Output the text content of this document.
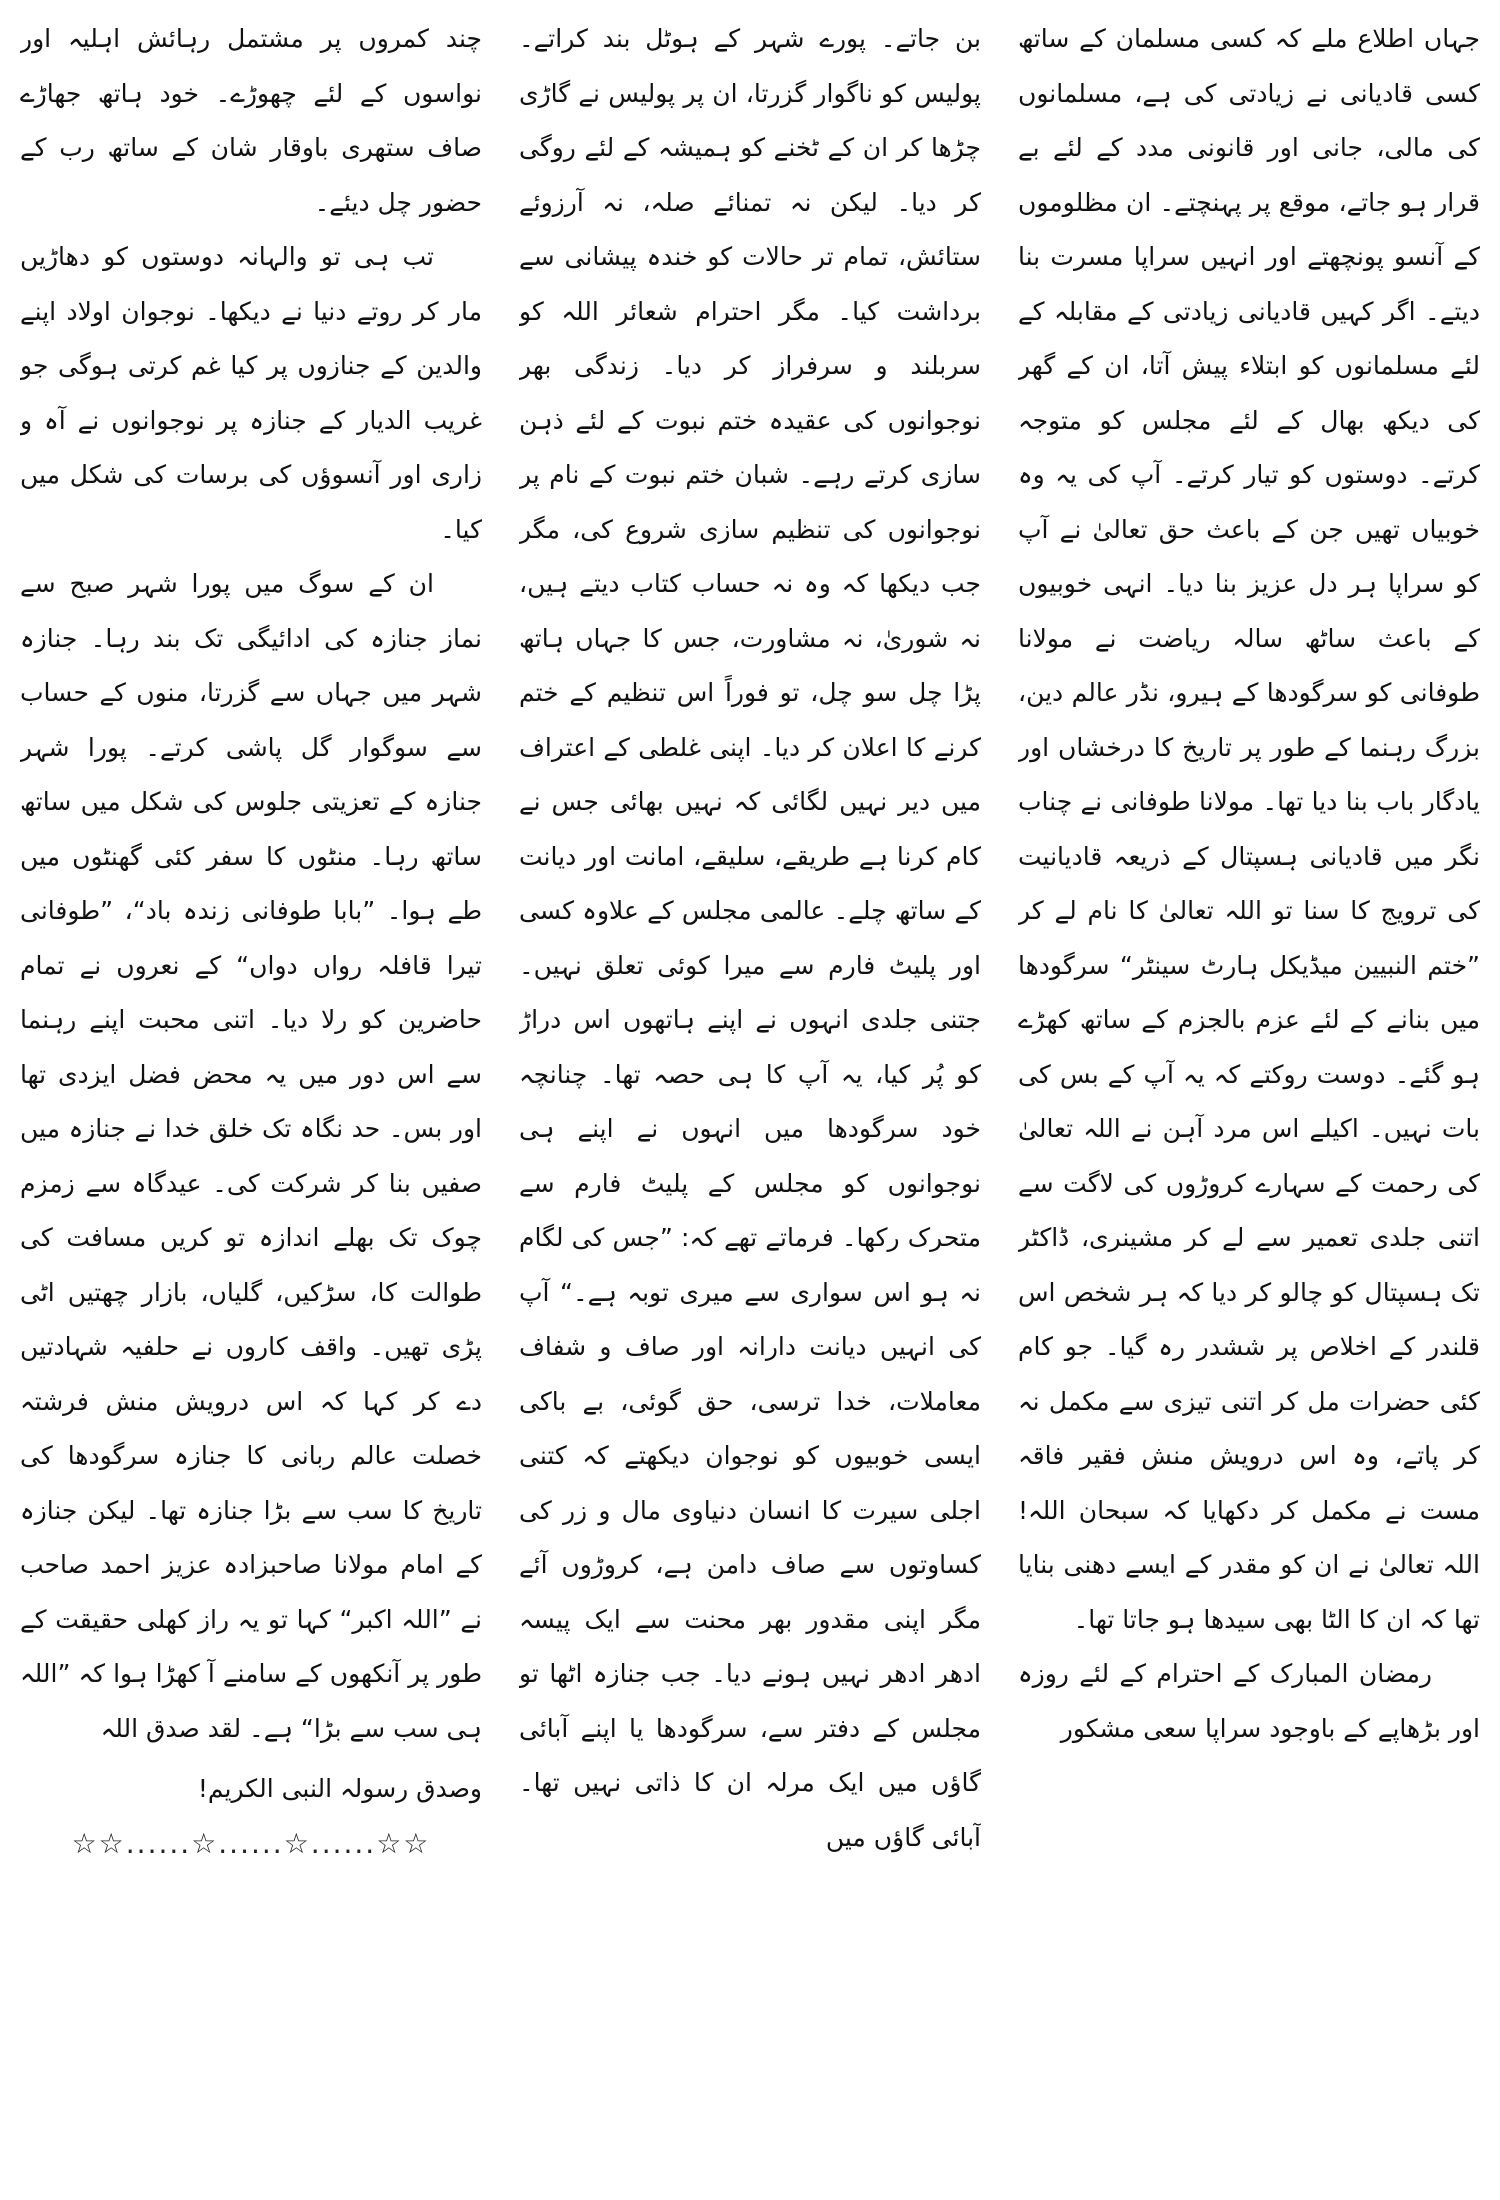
جہاں اطلاع ملے کہ کسی مسلمان کے ساتھ کسی قادیانی نے زیادتی کی ہے، مسلمانوں کی مالی، جانی اور قانونی مدد کے لئے بے قرار ہو جاتے، موقع پر پہنچتے۔ ان مظلوموں کے آنسو پونچھتے اور انہیں سراپا مسرت بنا دیتے۔ اگر کہیں قادیانی زیادتی کے مقابلہ کے لئے مسلمانوں کو ابتلاء پیش آتا، ان کے گھر کی دیکھ بھال کے لئے مجلس کو متوجہ کرتے۔ دوستوں کو تیار کرتے۔ آپ کی یہ وہ خوبیاں تھیں جن کے باعث حق تعالیٰ نے آپ کو سراپا ہر دل عزیز بنا دیا۔ انہی خوبیوں کے باعث ساٹھ سالہ ریاضت نے مولانا طوفانی کو سرگودھا کے ہیرو، نڈر عالم دین، بزرگ رہنما کے طور پر تاریخ کا درخشاں اور یادگار باب بنا دیا تھا۔ مولانا طوفانی نے چناب نگر میں قادیانی ہسپتال کے ذریعہ قادیانیت کی ترویج کا سنا تو اللہ تعالیٰ کا نام لے کر ”ختم النبیین میڈیکل ہارٹ سینٹر“ سرگودھا میں بنانے کے لئے عزم بالجزم کے ساتھ کھڑے ہو گئے۔ دوست روکتے کہ یہ آپ کے بس کی بات نہیں۔ اکیلے اس مرد آہن نے اللہ تعالیٰ کی رحمت کے سہارے کروڑوں کی لاگت سے اتنی جلدی تعمیر سے لے کر مشینری، ڈاکٹر تک ہسپتال کو چالو کر دیا کہ ہر شخص اس قلندر کے اخلاص پر ششدر رہ گیا۔ جو کام کئی حضرات مل کر اتنی تیزی سے مکمل نہ کر پاتے، وہ اس درویش منش فقیر فاقہ مست نے مکمل کر دکھایا کہ سبحان اللہ! اللہ تعالیٰ نے ان کو مقدر کے ایسے دھنی بنایا تھا کہ ان کا الٹا بھی سیدھا ہو جاتا تھا۔

رمضان المبارک کے احترام کے لئے روزہ اور بڑھاپے کے باوجود سراپا سعی مشکور

بن جاتے۔ پورے شہر کے ہوٹل بند کراتے۔ پولیس کو ناگوار گزرتا، ان پر پولیس نے گاڑی چڑھا کر ان کے ٹخنے کو ہمیشہ کے لئے روگی کر دیا۔ لیکن نہ تمنائے صلہ، نہ آرزوئے ستائش، تمام تر حالات کو خندہ پیشانی سے برداشت کیا۔ مگر احترام شعائر اللہ کو سربلند و سرفراز کر دیا۔ زندگی بھر نوجوانوں کی عقیدہ ختم نبوت کے لئے ذہن سازی کرتے رہے۔ شبان ختم نبوت کے نام پر نوجوانوں کی تنظیم سازی شروع کی، مگر جب دیکھا کہ وہ نہ حساب کتاب دیتے ہیں، نہ شوریٰ، نہ مشاورت، جس کا جہاں ہاتھ پڑا چل سو چل، تو فوراً اس تنظیم کے ختم کرنے کا اعلان کر دیا۔ اپنی غلطی کے اعتراف میں دیر نہیں لگائی کہ نہیں بھائی جس نے کام کرنا ہے طریقے، سلیقے، امانت اور دیانت کے ساتھ چلے۔ عالمی مجلس کے علاوہ کسی اور پلیٹ فارم سے میرا کوئی تعلق نہیں۔ جتنی جلدی انہوں نے اپنے ہاتھوں اس دراڑ کو پُر کیا، یہ آپ کا ہی حصہ تھا۔ چنانچہ خود سرگودھا میں انہوں نے اپنے ہی نوجوانوں کو مجلس کے پلیٹ فارم سے متحرک رکھا۔ فرماتے تھے کہ: ”جس کی لگام نہ ہو اس سواری سے میری توبہ ہے۔“ آپ کی انہیں دیانت دارانہ اور صاف و شفاف معاملات، خدا ترسی، حق گوئی، بے باکی ایسی خوبیوں کو نوجوان دیکھتے کہ کتنی اجلی سیرت کا انسان دنیاوی مال و زر کی کساوتوں سے صاف دامن ہے، کروڑوں آئے مگر اپنی مقدور بھر محنت سے ایک پیسہ ادھر ادھر نہیں ہونے دیا۔ جب جنازہ اٹھا تو مجلس کے دفتر سے، سرگودھا یا اپنے آبائی گاؤں میں ایک مرلہ ان کا ذاتی نہیں تھا۔ آبائی گاؤں میں

چند کمروں پر مشتمل رہائش اہلیہ اور نواسوں کے لئے چھوڑے۔ خود ہاتھ جھاڑے صاف ستھری باوقار شان کے ساتھ رب کے حضور چل دیئے۔

تب ہی تو والہانہ دوستوں کو دھاڑیں مار کر روتے دنیا نے دیکھا۔ نوجوان اولاد اپنے والدین کے جنازوں پر کیا غم کرتی ہوگی جو غریب الدیار کے جنازہ پر نوجوانوں نے آہ و زاری اور آنسوؤں کی برسات کی شکل میں کیا۔

ان کے سوگ میں پورا شہر صبح سے نماز جنازہ کی ادائیگی تک بند رہا۔ جنازہ شہر میں جہاں سے گزرتا، منوں کے حساب سے سوگوار گل پاشی کرتے۔ پورا شہر جنازہ کے تعزیتی جلوس کی شکل میں ساتھ ساتھ رہا۔ منٹوں کا سفر کئی گھنٹوں میں طے ہوا۔ ”بابا طوفانی زندہ باد“، ”طوفانی تیرا قافلہ رواں دواں“ کے نعروں نے تمام حاضرین کو رلا دیا۔ اتنی محبت اپنے رہنما سے اس دور میں یہ محض فضل ایزدی تھا اور بس۔ حد نگاہ تک خلق خدا نے جنازہ میں صفیں بنا کر شرکت کی۔ عیدگاہ سے زمزم چوک تک بھلے اندازہ تو کریں مسافت کی طوالت کا، سڑکیں، گلیاں، بازار چھتیں اٹی پڑی تھیں۔ واقف کاروں نے حلفیہ شہادتیں دے کر کہا کہ اس درویش منش فرشتہ خصلت عالم ربانی کا جنازہ سرگودھا کی تاریخ کا سب سے بڑا جنازہ تھا۔ لیکن جنازہ کے امام مولانا صاحبزادہ عزیز احمد صاحب نے ”اللہ اکبر“ کہا تو یہ راز کھلی حقیقت کے طور پر آنکھوں کے سامنے آ کھڑا ہوا کہ ”اللہ ہی سب سے بڑا“ ہے۔ لقد صدق اللہ

وصدق رسولہ النبی الکریم!

☆☆......☆......☆......☆☆
